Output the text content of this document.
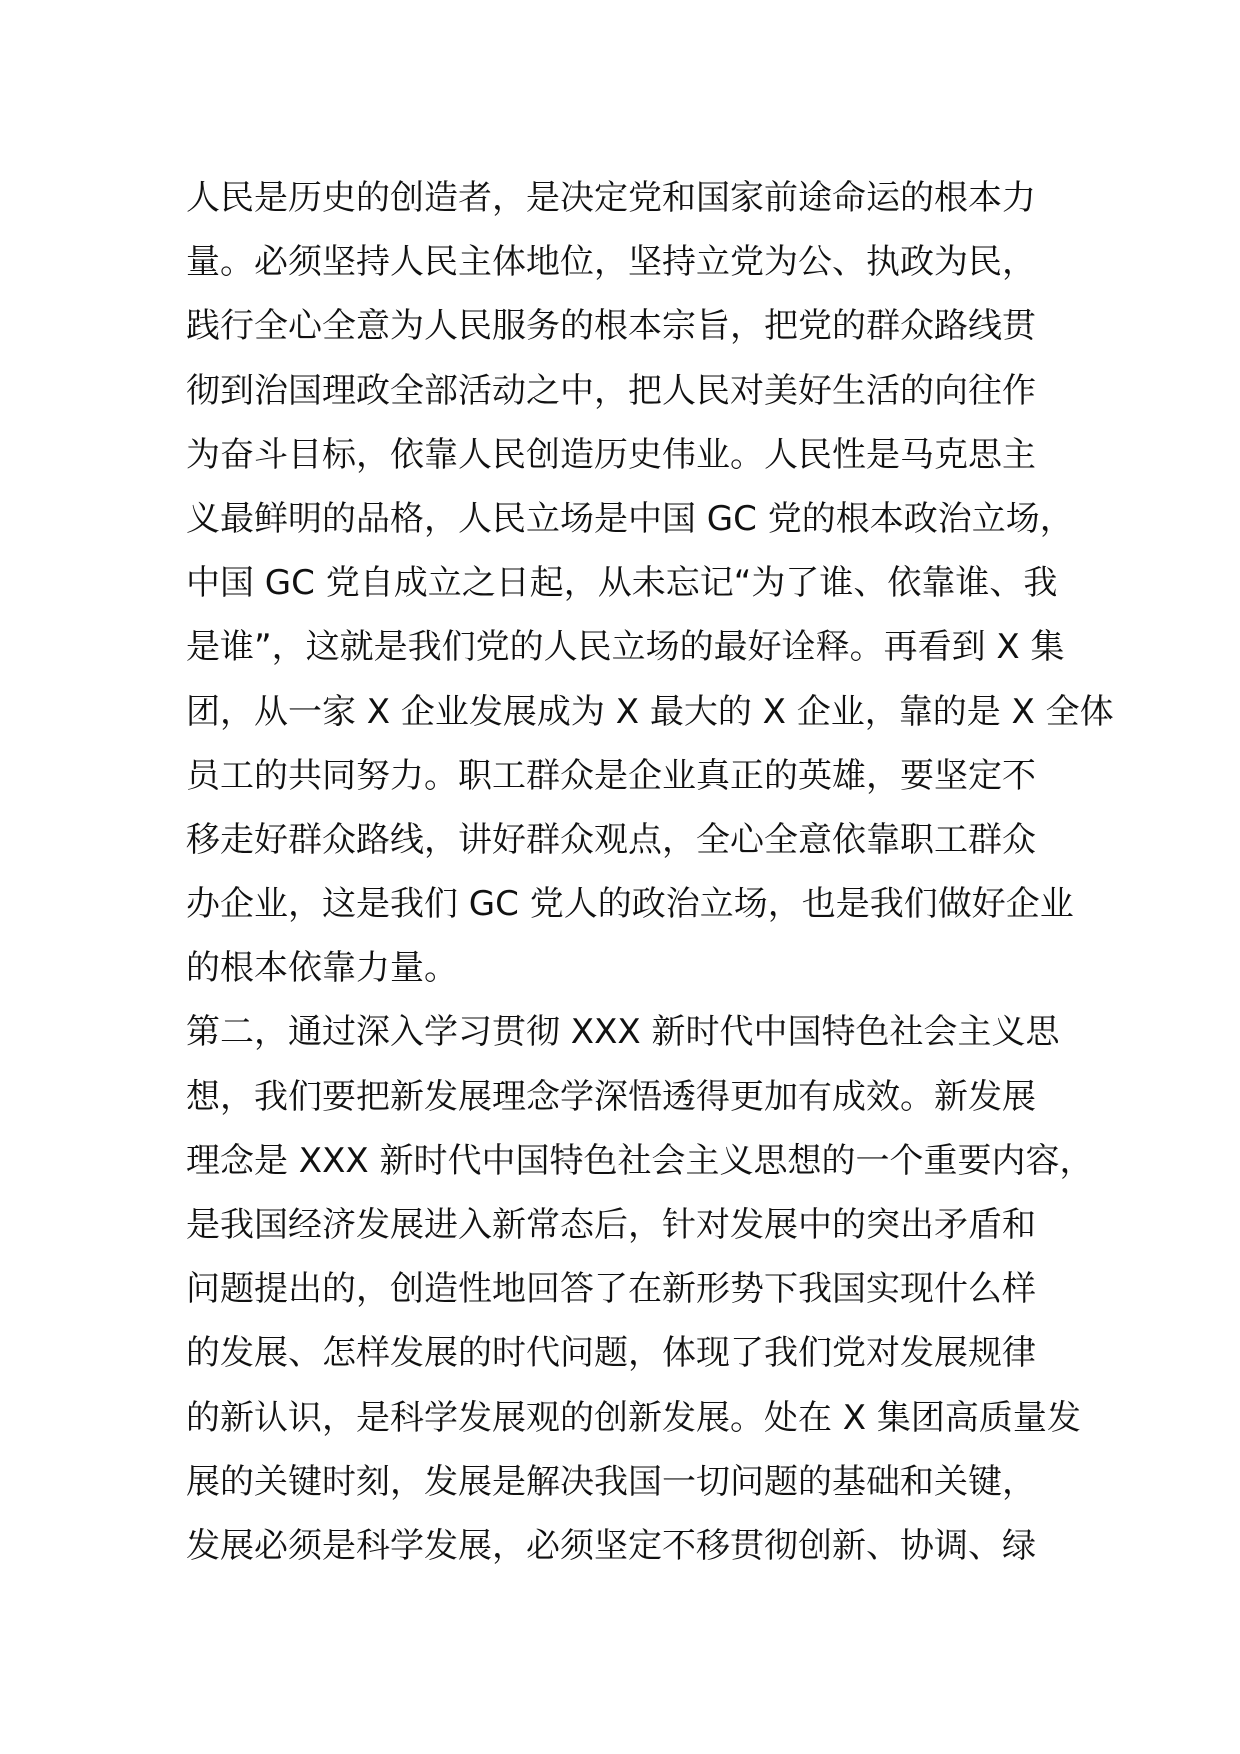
人民是历史的创造者，是决定党和国家前途命运的根本力
量。必须坚持人民主体地位，坚持立党为公、执政为民，
践行全心全意为人民服务的根本宗旨，把党的群众路线贯
彻到治国理政全部活动之中，把人民对美好生活的向往作
为奋斗目标，依靠人民创造历史伟业。人民性是马克思主
义最鲜明的品格，人民立场是中国 GC 党的根本政治立场，
中国 GC 党自成立之日起，从未忘记“为了谁、依靠谁、我
是谁”，这就是我们党的人民立场的最好诠释。再看到 X 集
团，从一家 X 企业发展成为 X 最大的 X 企业，靠的是 X 全体
员工的共同努力。职工群众是企业真正的英雄，要坚定不
移走好群众路线，讲好群众观点，全心全意依靠职工群众
办企业，这是我们 GC 党人的政治立场，也是我们做好企业
的根本依靠力量。
第二，通过深入学习贯彻 XXX 新时代中国特色社会主义思
想，我们要把新发展理念学深悟透得更加有成效。新发展
理念是 XXX 新时代中国特色社会主义思想的一个重要内容，
是我国经济发展进入新常态后，针对发展中的突出矛盾和
问题提出的，创造性地回答了在新形势下我国实现什么样
的发展、怎样发展的时代问题，体现了我们党对发展规律
的新认识，是科学发展观的创新发展。处在 X 集团高质量发
展的关键时刻，发展是解决我国一切问题的基础和关键，
发展必须是科学发展，必须坚定不移贯彻创新、协调、绿
